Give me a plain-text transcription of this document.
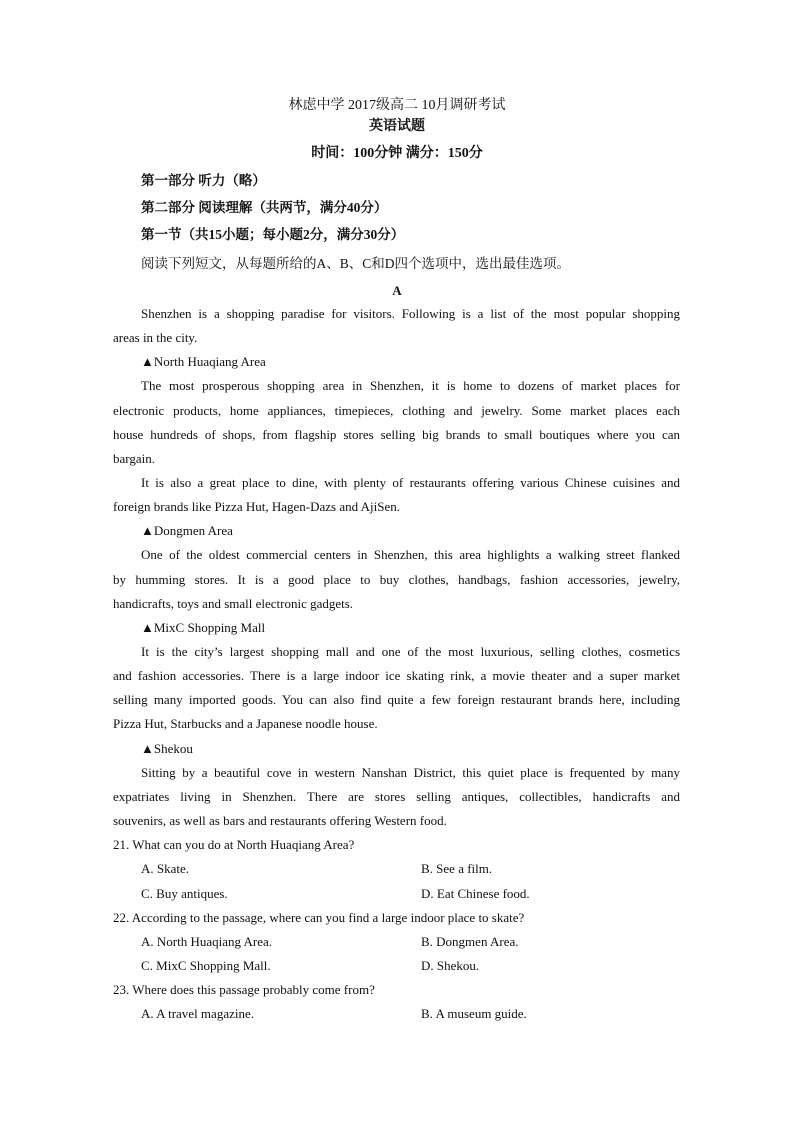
林虑中学 2017级高二 10月调研考试
英语试题
时间：100分钟 满分：150分
第一部分 听力（略）
第二部分 阅读理解（共两节，满分40分）
第一节（共15小题；每小题2分，满分30分）
阅读下列短文，从每题所给的A、B、C和D四个选项中，选出最佳选项。
A
Shenzhen is a shopping paradise for visitors. Following is a list of the most popular shopping
areas in the city.
▲North Huaqiang Area
The most prosperous shopping area in Shenzhen, it is home to dozens of market places for
electronic products, home appliances, timepieces, clothing and jewelry. Some market places each
house hundreds of shops, from flagship stores selling big brands to small boutiques where you can
bargain.
It is also a great place to dine, with plenty of restaurants offering various Chinese cuisines and
foreign brands like Pizza Hut, Hagen-Dazs and AjiSen.
▲Dongmen Area
One of the oldest commercial centers in Shenzhen, this area highlights a walking street flanked
by humming stores. It is a good place to buy clothes, handbags, fashion accessories, jewelry,
handicrafts, toys and small electronic gadgets.
▲MixC Shopping Mall
It is the city’s largest shopping mall and one of the most luxurious, selling clothes, cosmetics
and fashion accessories. There is a large indoor ice skating rink, a movie theater and a super market
selling many imported goods. You can also find quite a few foreign restaurant brands here, including
Pizza Hut, Starbucks and a Japanese noodle house.
▲Shekou
Sitting by a beautiful cove in western Nanshan District, this quiet place is frequented by many
expatriates living in Shenzhen. There are stores selling antiques, collectibles, handicrafts and
souvenirs, as well as bars and restaurants offering Western food.
21. What can you do at North Huaqiang Area?
A. Skate.	B. See a film.
C. Buy antiques.	D. Eat Chinese food.
22. According to the passage, where can you find a large indoor place to skate?
A. North Huaqiang Area.	B. Dongmen Area.
C. MixC Shopping Mall.	D. Shekou.
23. Where does this passage probably come from?
A. A travel magazine.	B. A museum guide.
